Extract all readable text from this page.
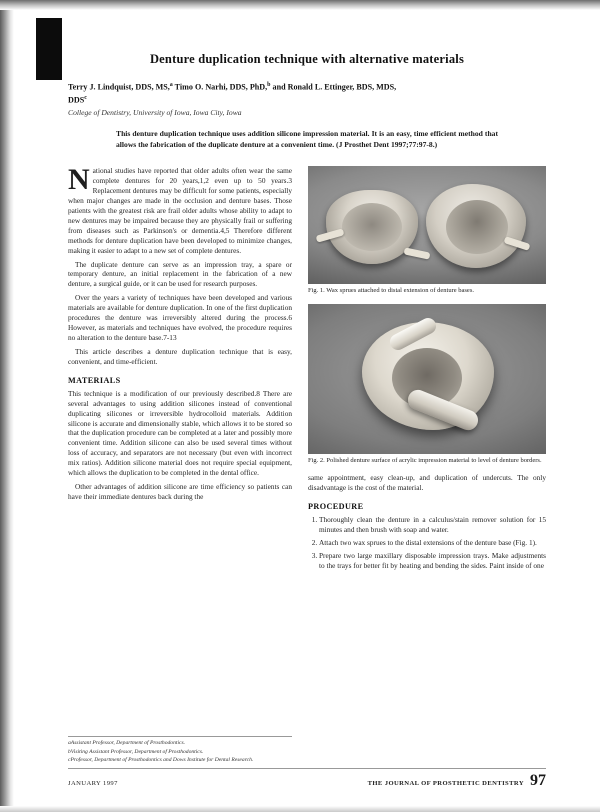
Denture duplication technique with alternative materials
Terry J. Lindquist, DDS, MS,$^a$ Timo O. Narhi, DDS, PhD,$^b$ and Ronald L. Ettinger, BDS, MDS, DDS$^c$
College of Dentistry, University of Iowa, Iowa City, Iowa
This denture duplication technique uses addition silicone impression material. It is an easy, time efficient method that allows the fabrication of the duplicate denture at a convenient time. (J Prosthet Dent 1997;77:97-8.)
National studies have reported that older adults often wear the same complete dentures for 20 years,1,2 even up to 50 years.3 Replacement dentures may be difficult for some patients, especially when major changes are made in the occlusion and denture bases. Those patients with the greatest risk are frail older adults whose ability to adapt to new dentures may be impaired because they are physically frail or suffering from diseases such as Parkinson's or dementia.4,5 Therefore different methods for denture duplication have been developed to minimize changes, making it easier to adapt to a new set of complete dentures.

The duplicate denture can serve as an impression tray, a spare or temporary denture, an initial replacement in the fabrication of a new denture, a surgical guide, or it can be used for research purposes.

Over the years a variety of techniques have been developed and various materials are available for denture duplication. In one of the first duplication procedures the denture was irreversibly altered during the process.6 However, as materials and techniques have evolved, the procedure requires no alteration to the denture base.7-13

This article describes a denture duplication technique that is easy, convenient, and time-efficient.

MATERIALS

This technique is a modification of our previously described.8 There are several advantages to using addition silicones instead of conventional duplicating silicones or irreversible hydrocolloid materials. Addition silicone is accurate and dimensionally stable, which allows it to be stored so that the duplication procedure can be completed at a later and possibly more convenient time. Addition silicone can also be used several times without loss of accuracy, and separators are not necessary (but even with incorrect mix ratios). Addition silicone material does not require special equipment, which allows the duplication to be completed in the dental office.

Other advantages of addition silicone are time efficiency so patients can have their immediate dentures back during the

Fig. 1. Wax sprues attached to distal extension of denture bases.
Fig. 2. Polished denture surface of acrylic impression material to level of denture borders.

same appointment, easy clean-up, and duplication of undercuts. The only disadvantage is the cost of the material.

PROCEDURE
1. Thoroughly clean the denture in a calculus/stain remover solution for 15 minutes and then brush with soap and water.
2. Attach two wax sprues to the distal extensions of the denture base (Fig. 1).
3. Prepare two large maxillary disposable impression trays. Make adjustments to the trays for better fit by heating and bending the sides. Paint inside of one
aAssistant Professor, Department of Prosthodontics.
bVisiting Assistant Professor, Department of Prosthodontics.
cProfessor, Department of Prosthodontics and Dows Institute for Dental Research.
JANUARY 1997	THE JOURNAL OF PROSTHETIC DENTISTRY 97
